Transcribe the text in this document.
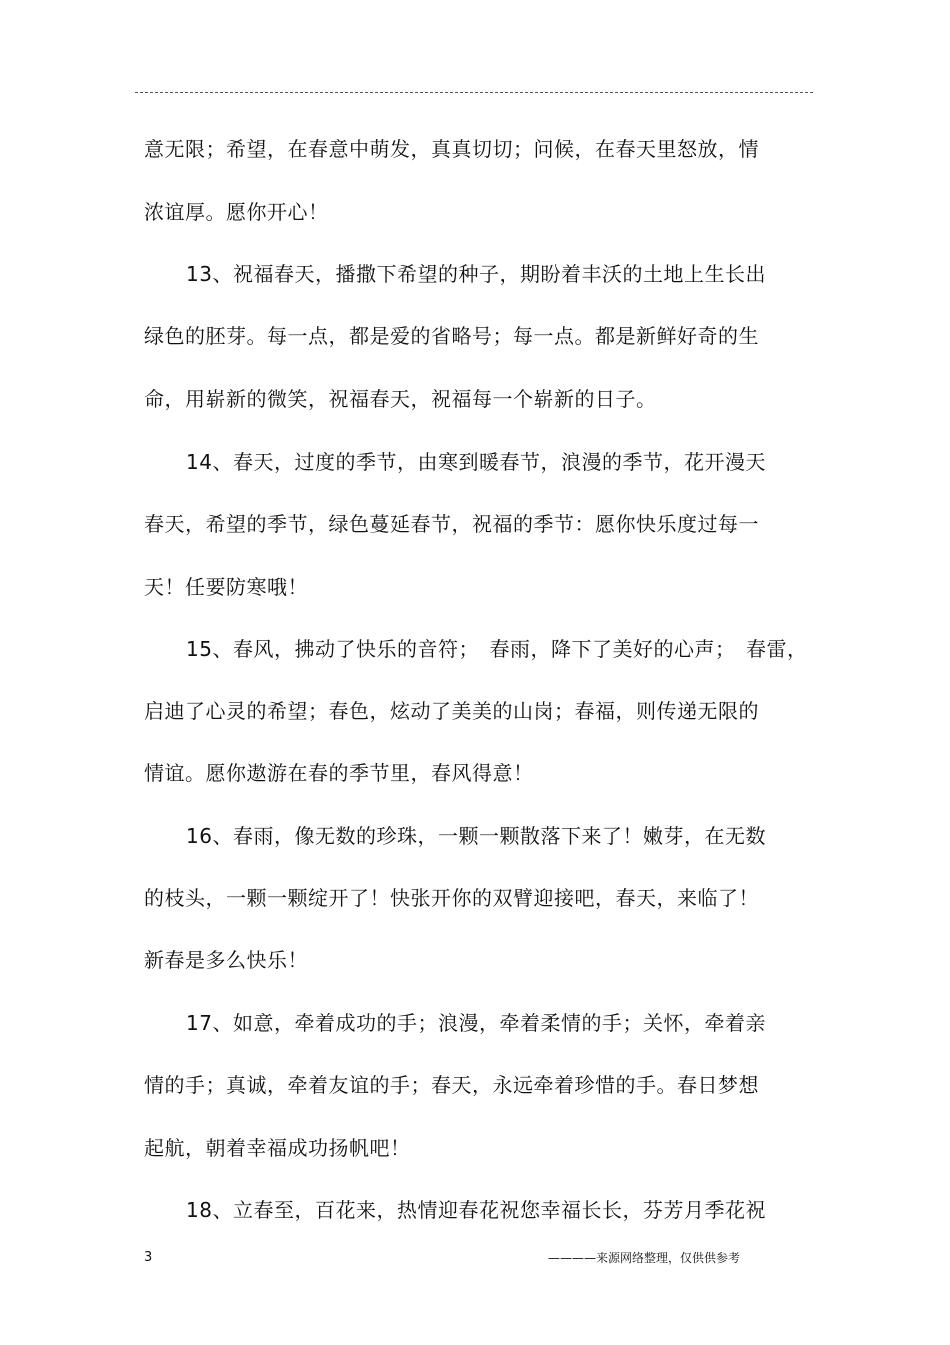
意无限；希望，在春意中萌发，真真切切；问候，在春天里怒放，情
浓谊厚。愿你开心！
13、祝福春天，播撒下希望的种子，期盼着丰沃的土地上生长出
绿色的胚芽。每一点，都是爱的省略号；每一点。都是新鲜好奇的生
命，用崭新的微笑，祝福春天，祝福每一个崭新的日子。
14、春天，过度的季节，由寒到暖春节，浪漫的季节，花开漫天
春天，希望的季节，绿色蔓延春节，祝福的季节：愿你快乐度过每一
天！任要防寒哦！
15、春风，拂动了快乐的音符；　春雨，降下了美好的心声；　春雷，
启迪了心灵的希望；春色，炫动了美美的山岗；春福，则传递无限的
情谊。愿你遨游在春的季节里，春风得意！
16、春雨，像无数的珍珠，一颗一颗散落下来了！嫩芽，在无数
的枝头，一颗一颗绽开了！快张开你的双臂迎接吧，春天，来临了！
新春是多么快乐！
17、如意，牵着成功的手；浪漫，牵着柔情的手；关怀，牵着亲
情的手；真诚，牵着友谊的手；春天，永远牵着珍惜的手。春日梦想
起航，朝着幸福成功扬帆吧！
18、立春至，百花来，热情迎春花祝您幸福长长，芬芳月季花祝
3	————来源网络整理，仅供供参考
